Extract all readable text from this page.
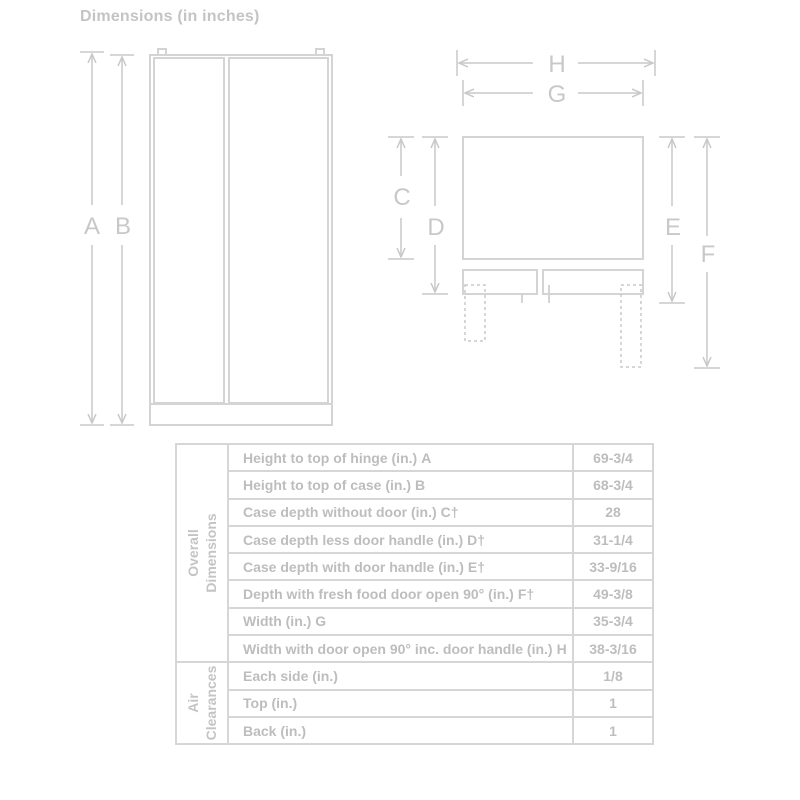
Dimensions (in inches)
A B
H
G
C
D	E
F
Overall Dimensions	Height to top of hinge (in.) A	69-3/4
	Height to top of case (in.) B	68-3/4
	Case depth without door (in.) C†	28
	Case depth less door handle (in.) D†	31-1/4
	Case depth with door handle (in.) E†	33-9/16
	Depth with fresh food door open 90° (in.) F†	49-3/8
	Width (in.) G	35-3/4
	Width with door open 90° inc. door handle (in.) H	38-3/16

Air Clearances	Each side (in.)	1/8
	Top (in.)	1
	Back (in.)	1
